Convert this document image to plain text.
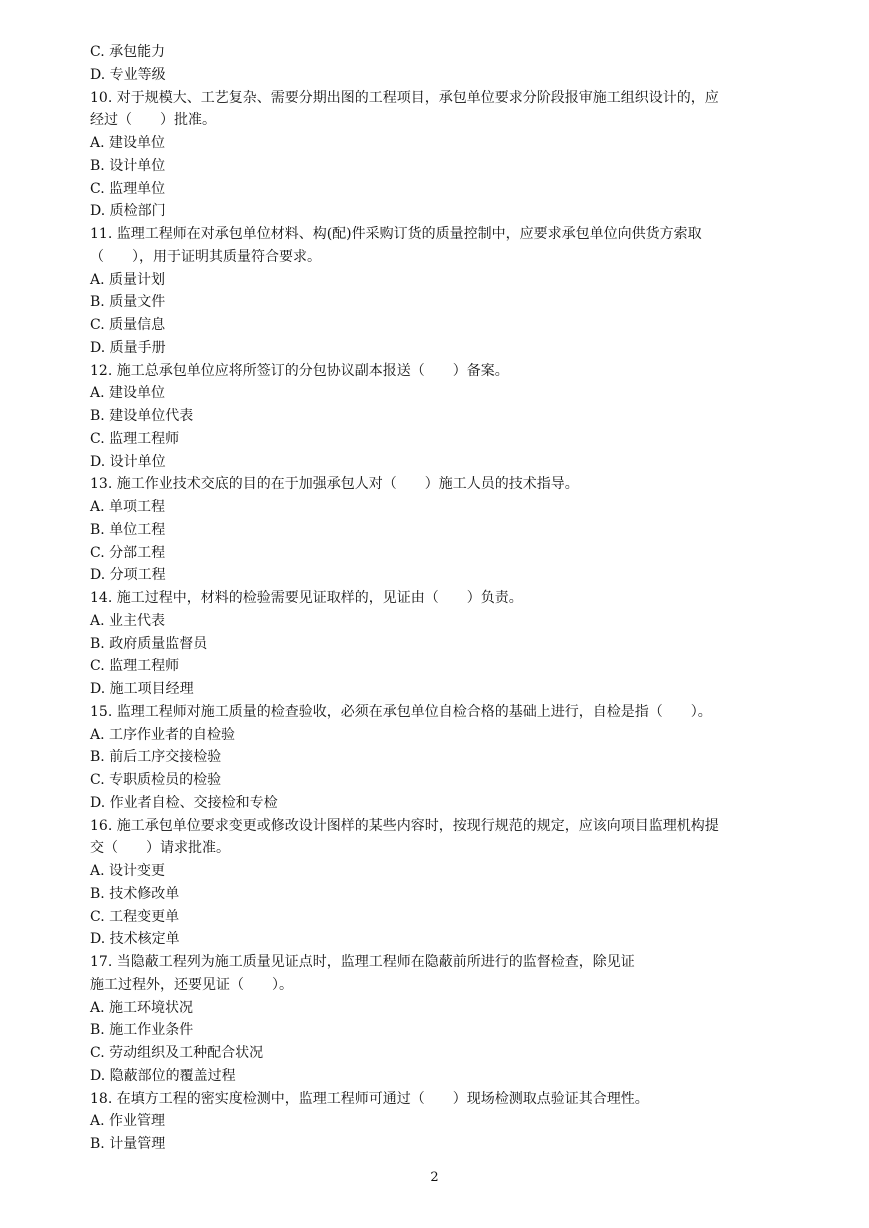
C. 承包能力
D. 专业等级
10. 对于规模大、工艺复杂、需要分期出图的工程项目，承包单位要求分阶段报审施工组织设计的，应
经过（　　）批准。
A. 建设单位
B. 设计单位
C. 监理单位
D. 质检部门
11. 监理工程师在对承包单位材料、构(配)件采购订货的质量控制中，应要求承包单位向供货方索取
（　　），用于证明其质量符合要求。
A. 质量计划
B. 质量文件
C. 质量信息
D. 质量手册
12. 施工总承包单位应将所签订的分包协议副本报送（　　）备案。
A. 建设单位
B. 建设单位代表
C. 监理工程师
D. 设计单位
13. 施工作业技术交底的目的在于加强承包人对（　　）施工人员的技术指导。
A. 单项工程
B. 单位工程
C. 分部工程
D. 分项工程
14. 施工过程中，材料的检验需要见证取样的，见证由（　　）负责。
A. 业主代表
B. 政府质量监督员
C. 监理工程师
D. 施工项目经理
15. 监理工程师对施工质量的检查验收，必须在承包单位自检合格的基础上进行，自检是指（　　）。
A. 工序作业者的自检验
B. 前后工序交接检验
C. 专职质检员的检验
D. 作业者自检、交接检和专检
16. 施工承包单位要求变更或修改设计图样的某些内容时，按现行规范的规定，应该向项目监理机构提
交（　　）请求批准。
A. 设计变更
B. 技术修改单
C. 工程变更单
D. 技术核定单
17. 当隐蔽工程列为施工质量见证点时，监理工程师在隐蔽前所进行的监督检查，除见证
施工过程外，还要见证（　　）。
A. 施工环境状况
B. 施工作业条件
C. 劳动组织及工种配合状况
D. 隐蔽部位的覆盖过程
18. 在填方工程的密实度检测中，监理工程师可通过（　　）现场检测取点验证其合理性。
A. 作业管理
B. 计量管理
2
